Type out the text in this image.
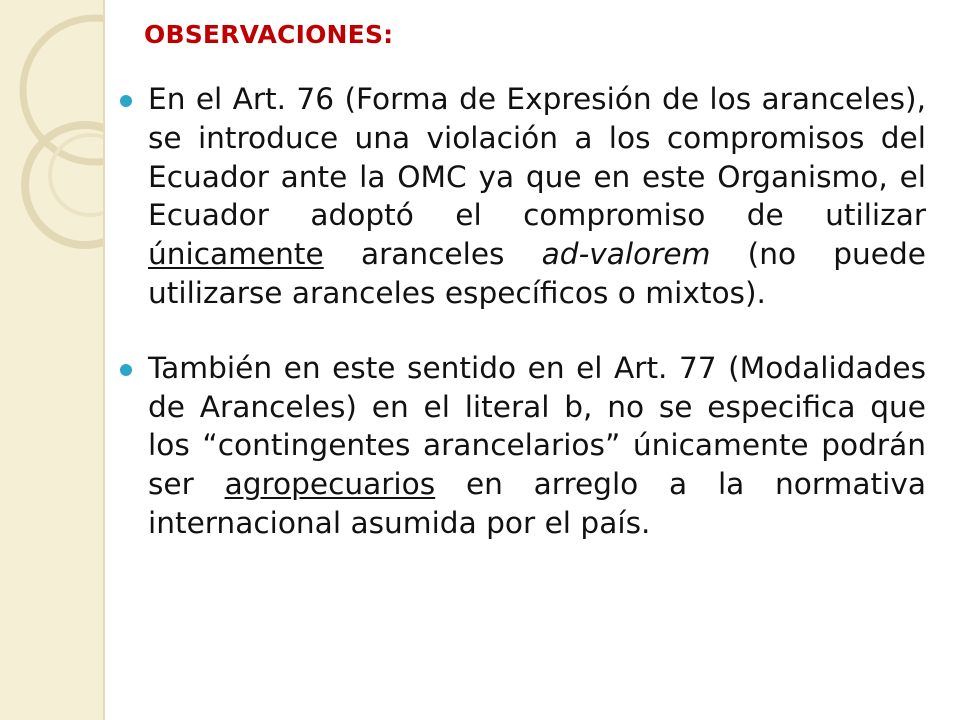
OBSERVACIONES:
En el Art. 76 (Forma de Expresión de los aranceles), se introduce una violación a los compromisos del Ecuador ante la OMC ya que en este Organismo, el Ecuador adoptó el compromiso de utilizar únicamente aranceles ad-valorem (no puede utilizarse aranceles específicos o mixtos).
También en este sentido en el Art. 77 (Modalidades de Aranceles) en el literal b, no se especifica que los “contingentes arancelarios” únicamente podrán ser agropecuarios en arreglo a la normativa internacional asumida por el país.
